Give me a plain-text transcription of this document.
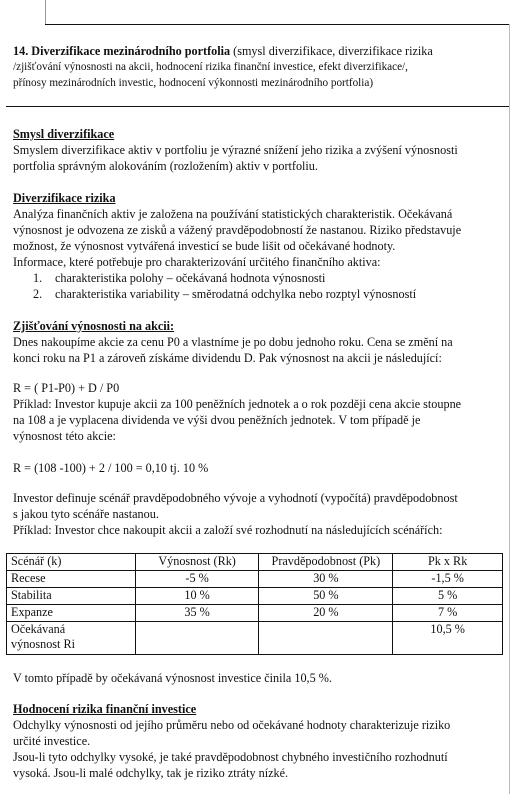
14. Diverzifikace mezinárodního portfolia (smysl diverzifikace, diverzifikace rizika
/zjišťování výnosnosti na akcii, hodnocení rizika finanční investice, efekt diverzifikace/,
přínosy mezinárodních investic, hodnocení výkonnosti mezinárodního portfolia)
Smysl diverzifikace
Smyslem diverzifikace aktiv v portfoliu je výrazné snížení jeho rizika a zvýšení výnosnosti
portfolia správným alokováním (rozložením) aktiv v portfoliu.
Diverzifikace rizika
Analýza finančních aktiv je založena na používání statistických charakteristik. Očekávaná
výnosnost je odvozena ze zisků a vážený pravděpodobností že nastanou. Riziko představuje
možnost, že výnosnost vytvářená investicí se bude lišit od očekávané hodnoty.
Informace, které potřebuje pro charakterizování určitého finančního aktiva:
1. charakteristika polohy – očekávaná hodnota výnosnosti
2. charakteristika variability – směrodatná odchylka nebo rozptyl výnosností
Zjišťování výnosnosti na akcii:
Dnes nakoupíme akcie za cenu P0 a vlastníme je po dobu jednoho roku. Cena se změní na
konci roku na P1 a zároveň získáme dividendu D. Pak výnosnost na akcii je následující:
R = ( P1-P0) + D / P0
Příklad: Investor kupuje akcii za 100 peněžních jednotek a o rok později cena akcie stoupne
na 108 a je vyplacena dividenda ve výši dvou peněžních jednotek. V tom případě je
výnosnost této akcie:
R = (108 -100) + 2 / 100 = 0,10 tj. 10 %
Investor definuje scénář pravděpodobného vývoje a vyhodnotí (vypočítá) pravděpodobnost
s jakou tyto scénáře nastanou.
Příklad: Investor chce nakoupit akcii a založí své rozhodnutí na následujících scénářích:
Scénář (k)	Výnosnost (Rk)	Pravděpodobnost (Pk)	Pk x Rk
Recese	-5 %	30 %	-1,5 %
Stabilita	10 %	50 %	5 %
Expanze	35 %	20 %	7 %

Očekávaná
výnosnost Ri			10,5 %
V tomto případě by očekávaná výnosnost investice činila 10,5 %.
Hodnocení rizika finanční investice
Odchylky výnosnosti od jejího průměru nebo od očekávané hodnoty charakterizuje riziko
určité investice.
Jsou-li tyto odchylky vysoké, je také pravděpodobnost chybného investičního rozhodnutí
vysoká. Jsou-li malé odchylky, tak je riziko ztráty nízké.
